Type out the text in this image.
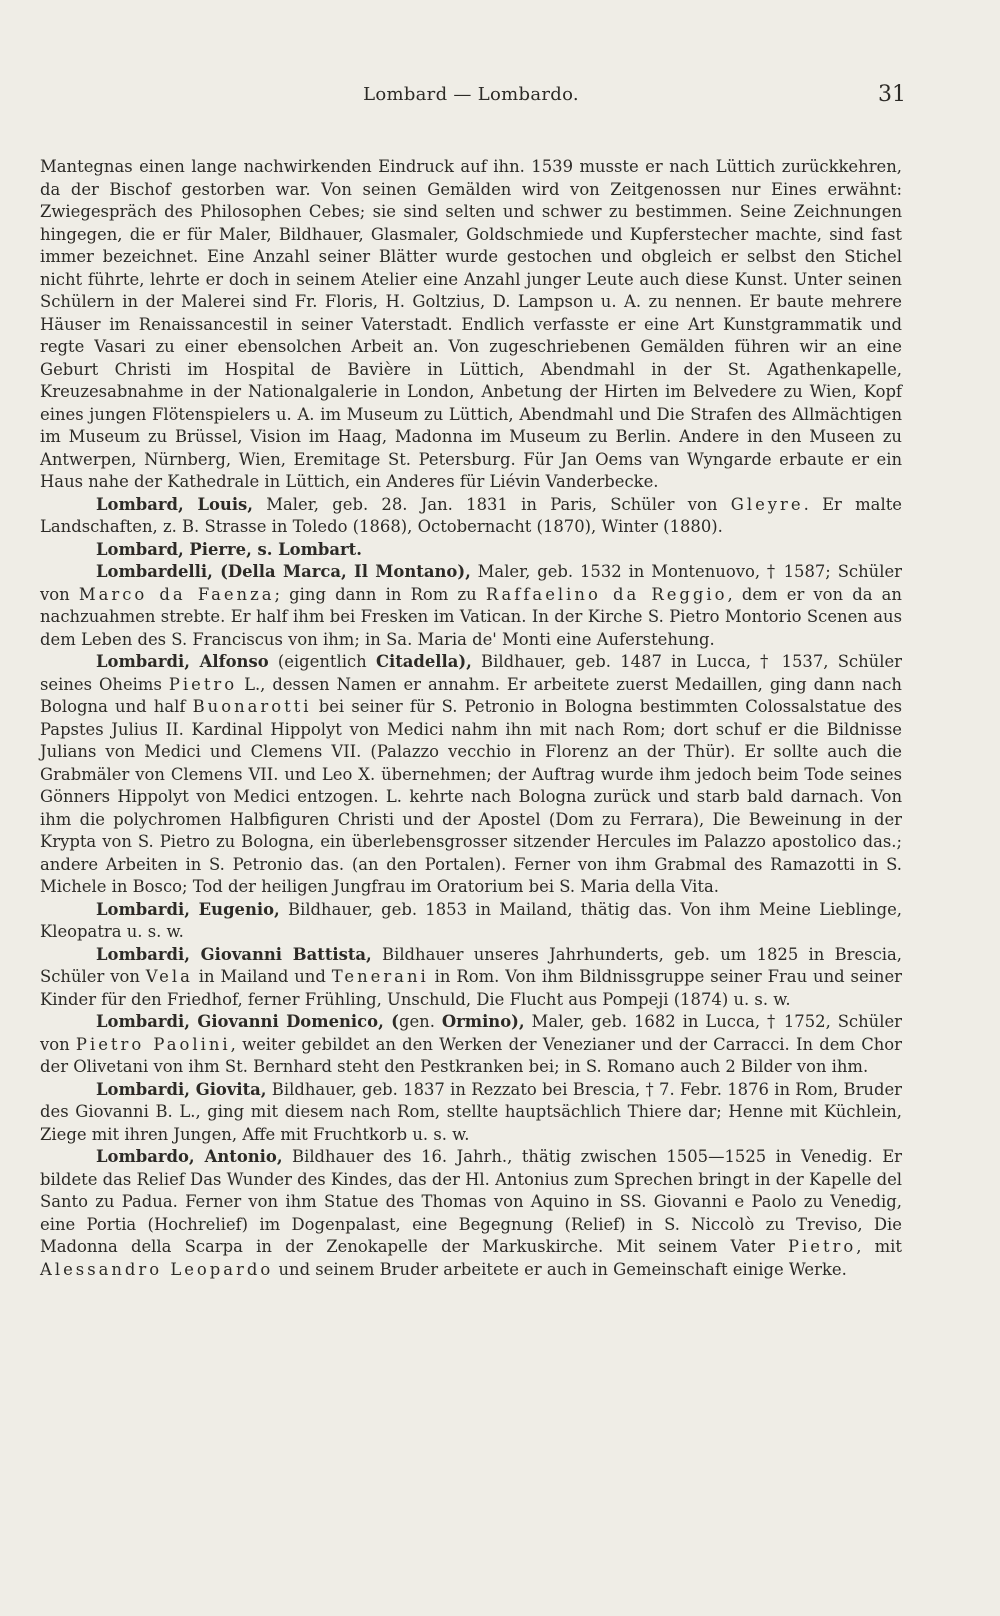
Lombard — Lombardo.	31

Mantegnas einen lange nachwirkenden Eindruck auf ihn. 1539 musste er nach Lüttich zurückkehren, da der Bischof gestorben war. Von seinen Gemälden wird von Zeitgenossen nur Eines erwähnt: Zwiegespräch des Philosophen Cebes; sie sind selten und schwer zu bestimmen. Seine Zeichnungen hingegen, die er für Maler, Bildhauer, Glasmaler, Goldschmiede und Kupferstecher machte, sind fast immer bezeichnet. Eine Anzahl seiner Blätter wurde gestochen und obgleich er selbst den Stichel nicht führte, lehrte er doch in seinem Atelier eine Anzahl junger Leute auch diese Kunst. Unter seinen Schülern in der Malerei sind Fr. Floris, H. Goltzius, D. Lampson u. A. zu nennen. Er baute mehrere Häuser im Renaissancestil in seiner Vaterstadt. Endlich verfasste er eine Art Kunstgrammatik und regte Vasari zu einer ebensolchen Arbeit an. Von zugeschriebenen Gemälden führen wir an eine Geburt Christi im Hospital de Bavière in Lüttich, Abendmahl in der St. Agathenkapelle, Kreuzesabnahme in der Nationalgalerie in London, Anbetung der Hirten im Belvedere zu Wien, Kopf eines jungen Flötenspielers u. A. im Museum zu Lüttich, Abendmahl und Die Strafen des Allmächtigen im Museum zu Brüssel, Vision im Haag, Madonna im Museum zu Berlin. Andere in den Museen zu Antwerpen, Nürnberg, Wien, Eremitage St. Petersburg. Für Jan Oems van Wyngarde erbaute er ein Haus nahe der Kathedrale in Lüttich, ein Anderes für Liévin Vanderbecke.

Lombard, Louis, Maler, geb. 28. Jan. 1831 in Paris, Schüler von Gleyre. Er malte Landschaften, z. B. Strasse in Toledo (1868), Octobernacht (1870), Winter (1880).

Lombard, Pierre, s. Lombart.

Lombardelli, (Della Marca, Il Montano), Maler, geb. 1532 in Montenuovo, † 1587; Schüler von Marco da Faenza; ging dann in Rom zu Raffaelino da Reggio, dem er von da an nachzuahmen strebte. Er half ihm bei Fresken im Vatican. In der Kirche S. Pietro Montorio Scenen aus dem Leben des S. Franciscus von ihm; in Sa. Maria de' Monti eine Auferstehung.

Lombardi, Alfonso (eigentlich Citadella), Bildhauer, geb. 1487 in Lucca, † 1537, Schüler seines Oheims Pietro L., dessen Namen er annahm. Er arbeitete zuerst Medaillen, ging dann nach Bologna und half Buonarotti bei seiner für S. Petronio in Bologna bestimmten Colossalstatue des Papstes Julius II. Kardinal Hippolyt von Medici nahm ihn mit nach Rom; dort schuf er die Bildnisse Julians von Medici und Clemens VII. (Palazzo vecchio in Florenz an der Thür). Er sollte auch die Grabmäler von Clemens VII. und Leo X. übernehmen; der Auftrag wurde ihm jedoch beim Tode seines Gönners Hippolyt von Medici entzogen. L. kehrte nach Bologna zurück und starb bald darnach. Von ihm die polychromen Halbfiguren Christi und der Apostel (Dom zu Ferrara), Die Beweinung in der Krypta von S. Pietro zu Bologna, ein überlebensgrosser sitzender Hercules im Palazzo apostolico das.; andere Arbeiten in S. Petronio das. (an den Portalen). Ferner von ihm Grabmal des Ramazotti in S. Michele in Bosco; Tod der heiligen Jungfrau im Oratorium bei S. Maria della Vita.

Lombardi, Eugenio, Bildhauer, geb. 1853 in Mailand, thätig das. Von ihm Meine Lieblinge, Kleopatra u. s. w.

Lombardi, Giovanni Battista, Bildhauer unseres Jahrhunderts, geb. um 1825 in Brescia, Schüler von Vela in Mailand und Tenerani in Rom. Von ihm Bildnissgruppe seiner Frau und seiner Kinder für den Friedhof, ferner Frühling, Unschuld, Die Flucht aus Pompeji (1874) u. s. w.

Lombardi, Giovanni Domenico, (gen. Ormino), Maler, geb. 1682 in Lucca, † 1752, Schüler von Pietro Paolini, weiter gebildet an den Werken der Venezianer und der Carracci. In dem Chor der Olivetani von ihm St. Bernhard steht den Pestkranken bei; in S. Romano auch 2 Bilder von ihm.

Lombardi, Giovita, Bildhauer, geb. 1837 in Rezzato bei Brescia, † 7. Febr. 1876 in Rom, Bruder des Giovanni B. L., ging mit diesem nach Rom, stellte hauptsächlich Thiere dar; Henne mit Küchlein, Ziege mit ihren Jungen, Affe mit Fruchtkorb u. s. w.

Lombardo, Antonio, Bildhauer des 16. Jahrh., thätig zwischen 1505—1525 in Venedig. Er bildete das Relief Das Wunder des Kindes, das der Hl. Antonius zum Sprechen bringt in der Kapelle del Santo zu Padua. Ferner von ihm Statue des Thomas von Aquino in SS. Giovanni e Paolo zu Venedig, eine Portia (Hochrelief) im Dogenpalast, eine Begegnung (Relief) in S. Niccolò zu Treviso, Die Madonna della Scarpa in der Zenokapelle der Markuskirche. Mit seinem Vater Pietro, mit Alessandro Leopardo und seinem Bruder arbeitete er auch in Gemeinschaft einige Werke.
